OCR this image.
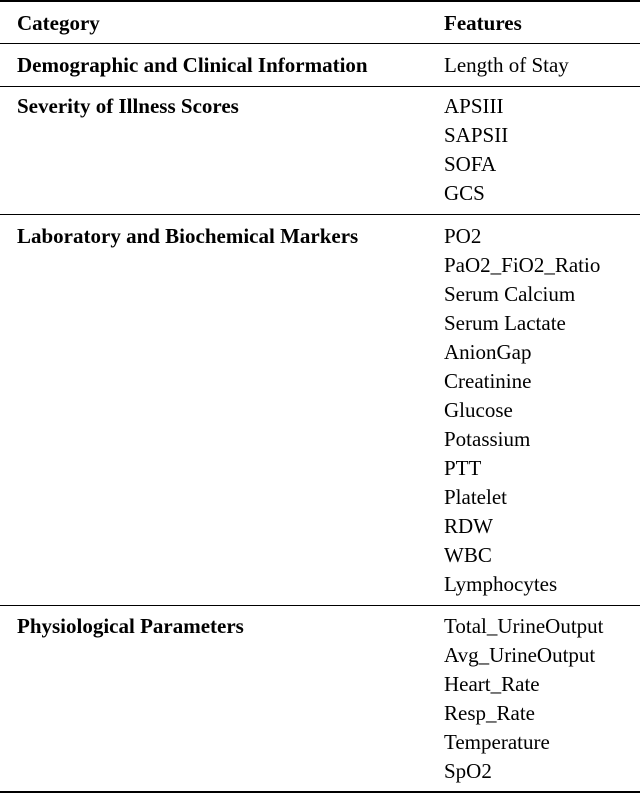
Category	Features
Demographic and Clinical Information	Length of Stay
Severity of Illness Scores	APSIII
SAPSII
SOFA
GCS
Laboratory and Biochemical Markers	PO2
PaO2_FiO2_Ratio
Serum Calcium
Serum Lactate
AnionGap
Creatinine
Glucose
Potassium
PTT
Platelet
RDW
WBC
Lymphocytes
Physiological Parameters	Total_UrineOutput
Avg_UrineOutput
Heart_Rate
Resp_Rate
Temperature
SpO2
